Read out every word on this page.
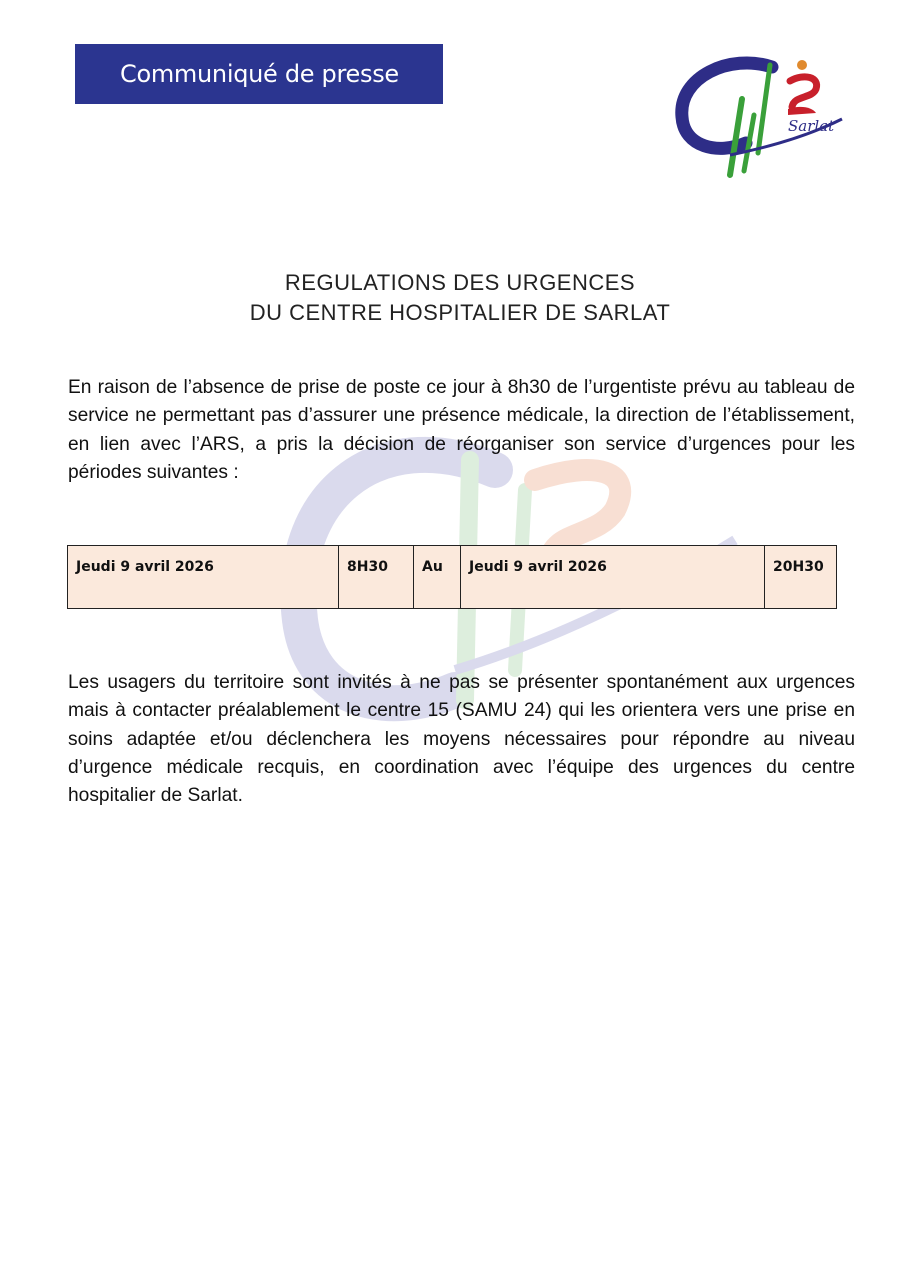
Communiqué de presse
Sarlat
REGULATIONS DES URGENCES
DU CENTRE HOSPITALIER DE SARLAT

En raison de l’absence de prise de poste ce jour à 8h30 de l’urgentiste prévu au tableau de service ne permettant pas d’assurer une présence médicale, la direction de l’établissement, en lien avec l’ARS, a pris la décision de réorganiser son service d’urgences pour les périodes suivantes :

Jeudi 9 avril 2026	8H30	Au	Jeudi 9 avril 2026	20H30

Les usagers du territoire sont invités à ne pas se présenter spontanément aux urgences mais à contacter préalablement le centre 15 (SAMU 24) qui les orientera vers une prise en soins adaptée et/ou déclenchera les moyens nécessaires pour répondre au niveau d’urgence médicale recquis, en coordination avec l’équipe des urgences du centre hospitalier de Sarlat.
